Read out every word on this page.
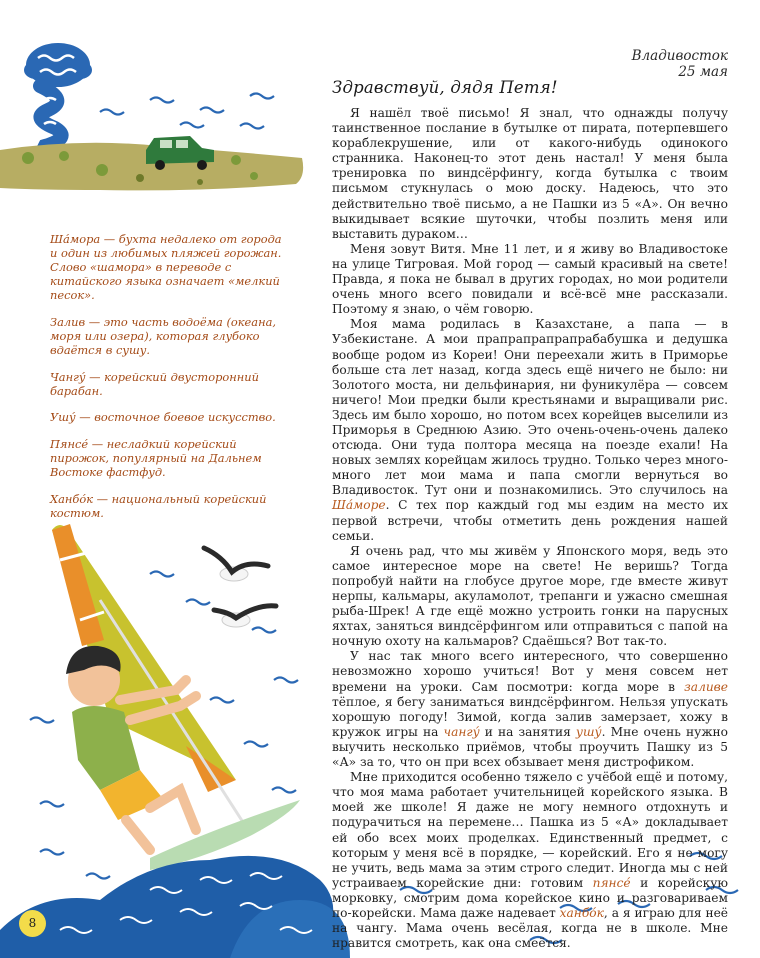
Владивосток
25 мая
Здравствуй, дядя Петя!

Я нашёл твоё письмо! Я знал, что однажды получу таинственное послание в бутылке от пирата, потерпевшего кораблекрушение, или от какого-нибудь одинокого странника. Наконец-то этот день настал! У меня была тренировка по виндсёрфингу, когда бутылка с твоим письмом стукнулась о мою доску. Надеюсь, что это действительно твоё письмо, а не Пашки из 5 «А». Он вечно выкидывает всякие шуточки, чтобы позлить меня или выставить дураком…

Меня зовут Витя. Мне 11 лет, и я живу во Владивостоке на улице Тигровая. Мой город — самый красивый на свете! Правда, я пока не бывал в других городах, но мои родители очень много всего повидали и всё-всё мне рассказали. Поэтому я знаю, о чём говорю.

Моя мама родилась в Казахстане, а папа — в Узбекистане. А мои прапрапрапрапрабабушка и дедушка вообще родом из Кореи! Они переехали жить в Приморье больше ста лет назад, когда здесь ещё ничего не было: ни Золотого моста, ни дельфинария, ни фуникулёра — совсем ничего! Мои предки были крестьянами и выращивали рис. Здесь им было хорошо, но потом всех корейцев выселили из Приморья в Среднюю Азию. Это очень-очень-очень далеко отсюда. Они туда полтора месяца на поезде ехали! На новых землях корейцам жилось трудно. Только через много-много лет мои мама и папа смогли вернуться во Владивосток. Тут они и познакомились. Это случилось на Ша́море. С тех пор каждый год мы ездим на место их первой встречи, чтобы отметить день рождения нашей семьи.

Я очень рад, что мы живём у Японского моря, ведь это самое интересное море на свете! Не веришь? Тогда попробуй найти на глобусе другое море, где вместе живут нерпы, кальмары, акуламолот, трепанги и ужасно смешная рыба-Шрек! А где ещё можно устроить гонки на парусных яхтах, заняться виндсёрфингом или отправиться с папой на ночную охоту на кальмаров? Сдаёшься? Вот так-то.

У нас так много всего интересного, что совершенно невозможно хорошо учиться! Вот у меня совсем нет времени на уроки. Сам посмотри: когда море в заливе тёплое, я бегу заниматься виндсёрфингом. Нельзя упускать хорошую погоду! Зимой, когда залив замерзает, хожу в кружок игры на чангу́ и на занятия ушу́. Мне очень нужно выучить несколько приёмов, чтобы проучить Пашку из 5 «А» за то, что он при всех обзывает меня дистрофиком.

Мне приходится особенно тяжело с учёбой ещё и потому, что моя мама работает учительницей корейского языка. В моей же школе! Я даже не могу немного отдохнуть и подурачиться на перемене… Пашка из 5 «А» докладывает ей обо всех моих проделках. Единственный предмет, с которым у меня всё в порядке, — корейский. Его я не могу не учить, ведь мама за этим строго следит. Иногда мы с ней устраиваем корейские дни: готовим пянсе́ и корейскую морковку, смотрим дома корейское кино и разговариваем по-корейски. Мама даже надевает ханбо́к, а я играю для неё на чангу. Мама очень весёлая, когда не в школе. Мне нравится смотреть, как она смеётся.

Ша́мора — бухта недалеко от города и один из любимых пляжей горожан. Слово «шамора» в переводе с китайского языка означает «мелкий песок».

Залив — это часть водоёма (океана, моря или озера), которая глубоко вдаётся в сушу.

Чангу́ — корейский двусторонний барабан.

Ушу́ — восточное боевое искусство.

Пянсе́ — несладкий корейский пирожок, популярный на Дальнем Востоке фастфуд.

Ханбо́к — национальный корейский костюм.

8
